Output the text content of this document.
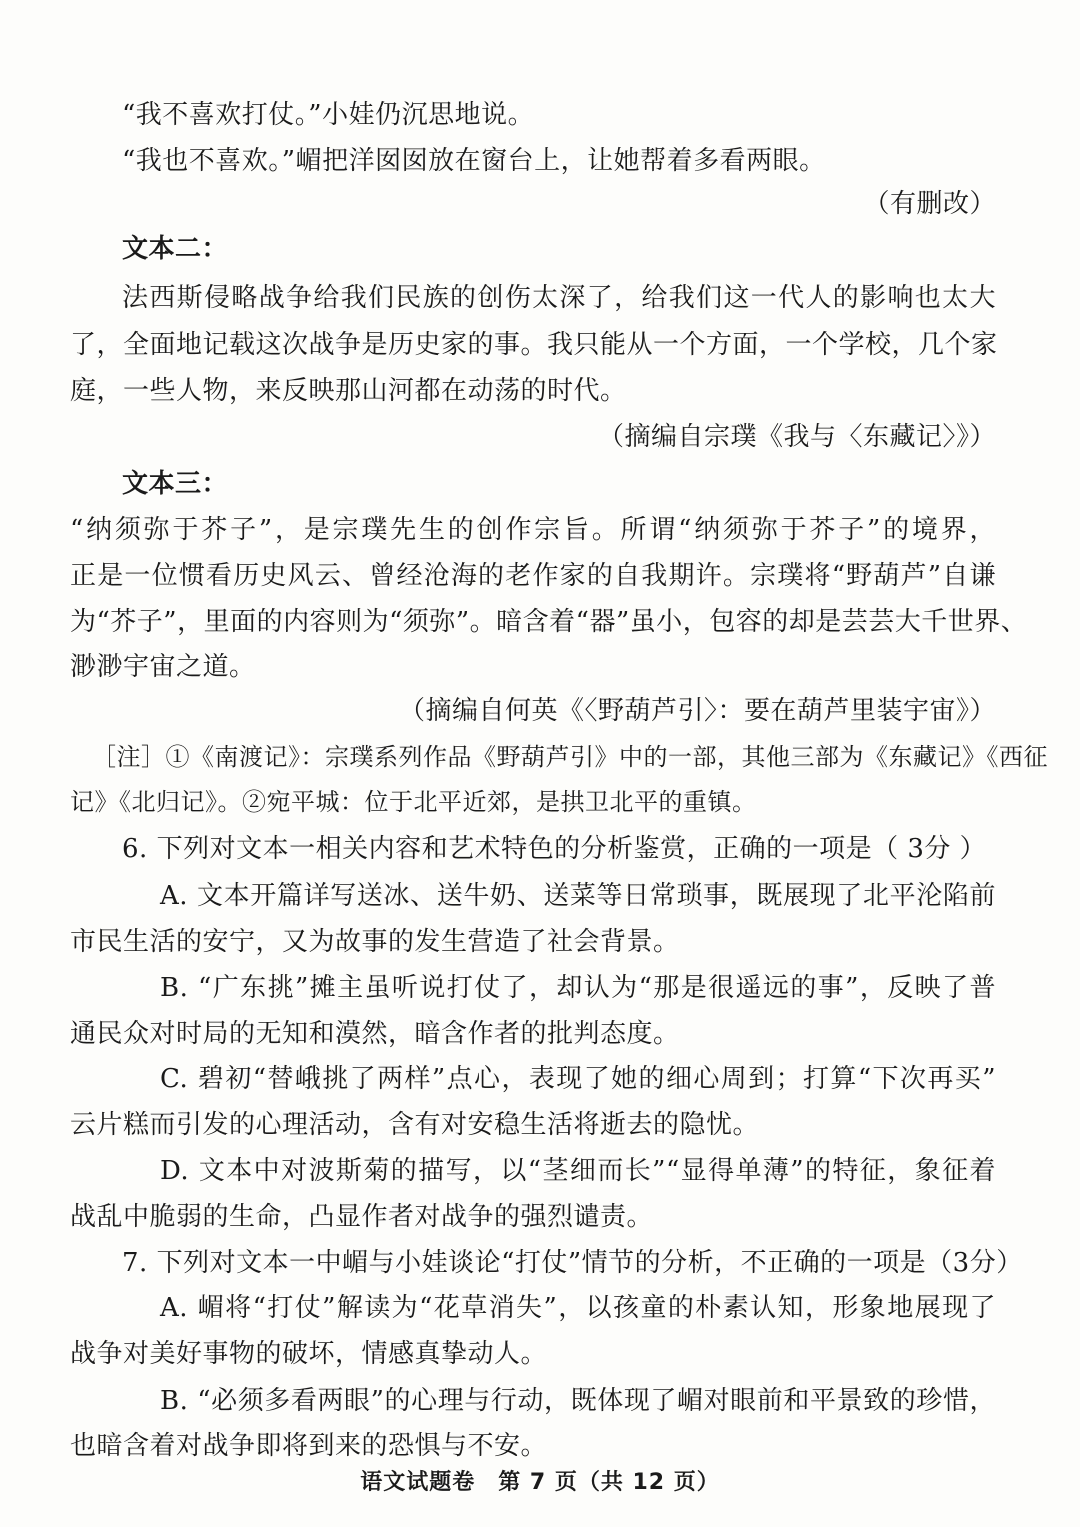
“我不喜欢打仗。”小娃仍沉思地说。
“我也不喜欢。”嵋把洋囡囡放在窗台上，让她帮着多看两眼。
（有删改）
文本二：
法西斯侵略战争给我们民族的创伤太深了，给我们这一代人的影响也太大
了，全面地记载这次战争是历史家的事。我只能从一个方面，一个学校，几个家
庭，一些人物，来反映那山河都在动荡的时代。
（摘编自宗璞《我与〈东藏记〉》）
文本三：
“纳须弥于芥子”，是宗璞先生的创作宗旨。所谓“纳须弥于芥子”的境界，
正是一位惯看历史风云、曾经沧海的老作家的自我期许。宗璞将“野葫芦”自谦
为“芥子”，里面的内容则为“须弥”。暗含着“器”虽小，包容的却是芸芸大千世界、
渺渺宇宙之道。
（摘编自何英《〈野葫芦引〉：要在葫芦里装宇宙》）
［注］①《南渡记》：宗璞系列作品《野葫芦引》中的一部，其他三部为《东藏记》《西征
记》《北归记》。②宛平城：位于北平近郊，是拱卫北平的重镇。
6. 下列对文本一相关内容和艺术特色的分析鉴赏，正确的一项是（ 3分 ）
A. 文本开篇详写送冰、送牛奶、送菜等日常琐事，既展现了北平沦陷前
市民生活的安宁，又为故事的发生营造了社会背景。
B. “广东挑”摊主虽听说打仗了，却认为“那是很遥远的事”，反映了普
通民众对时局的无知和漠然，暗含作者的批判态度。
C. 碧初“替峨挑了两样”点心，表现了她的细心周到；打算“下次再买”
云片糕而引发的心理活动，含有对安稳生活将逝去的隐忧。
D. 文本中对波斯菊的描写，以“茎细而长”“显得单薄”的特征，象征着
战乱中脆弱的生命，凸显作者对战争的强烈谴责。
7. 下列对文本一中嵋与小娃谈论“打仗”情节的分析，不正确的一项是（3分）
A. 嵋将“打仗”解读为“花草消失”，以孩童的朴素认知，形象地展现了
战争对美好事物的破坏，情感真挚动人。
B. “必须多看两眼”的心理与行动，既体现了嵋对眼前和平景致的珍惜，
也暗含着对战争即将到来的恐惧与不安。
语文试题卷　第 7 页（共 12 页）
